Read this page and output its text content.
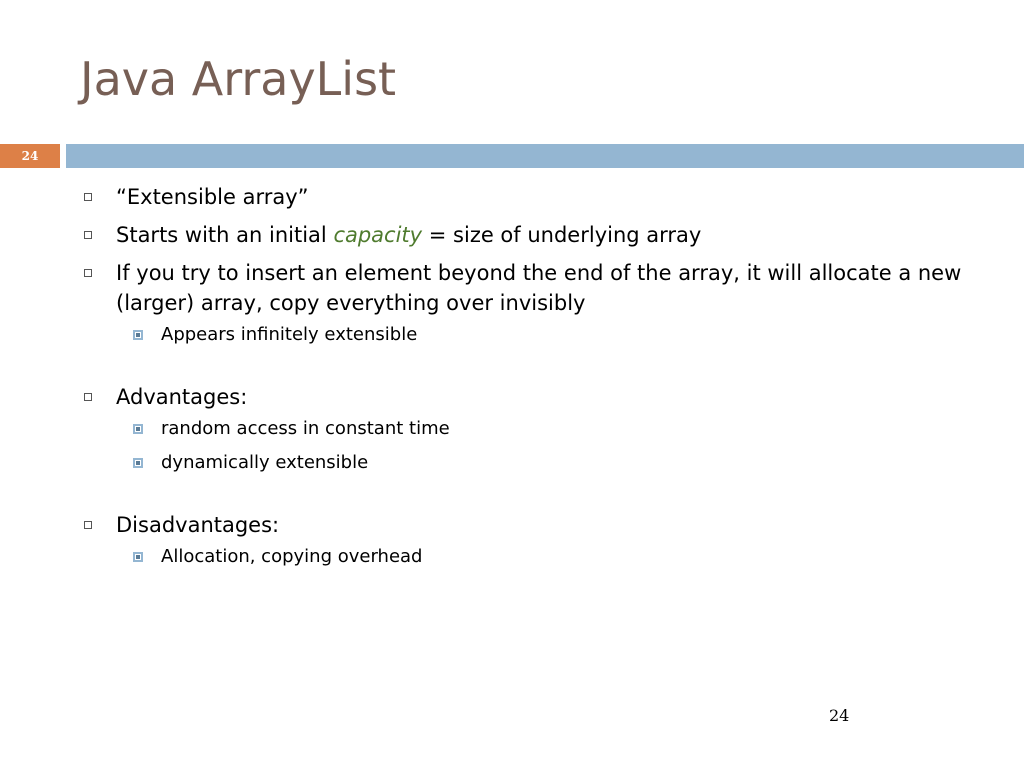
Java ArrayList
24
“Extensible array”
Starts with an initial capacity = size of underlying array
If you try to insert an element beyond the end of the array, it will allocate a new (larger) array, copy everything over invisibly
Appears infinitely extensible
Advantages:
random access in constant time
dynamically extensible
Disadvantages:
Allocation, copying overhead
24
